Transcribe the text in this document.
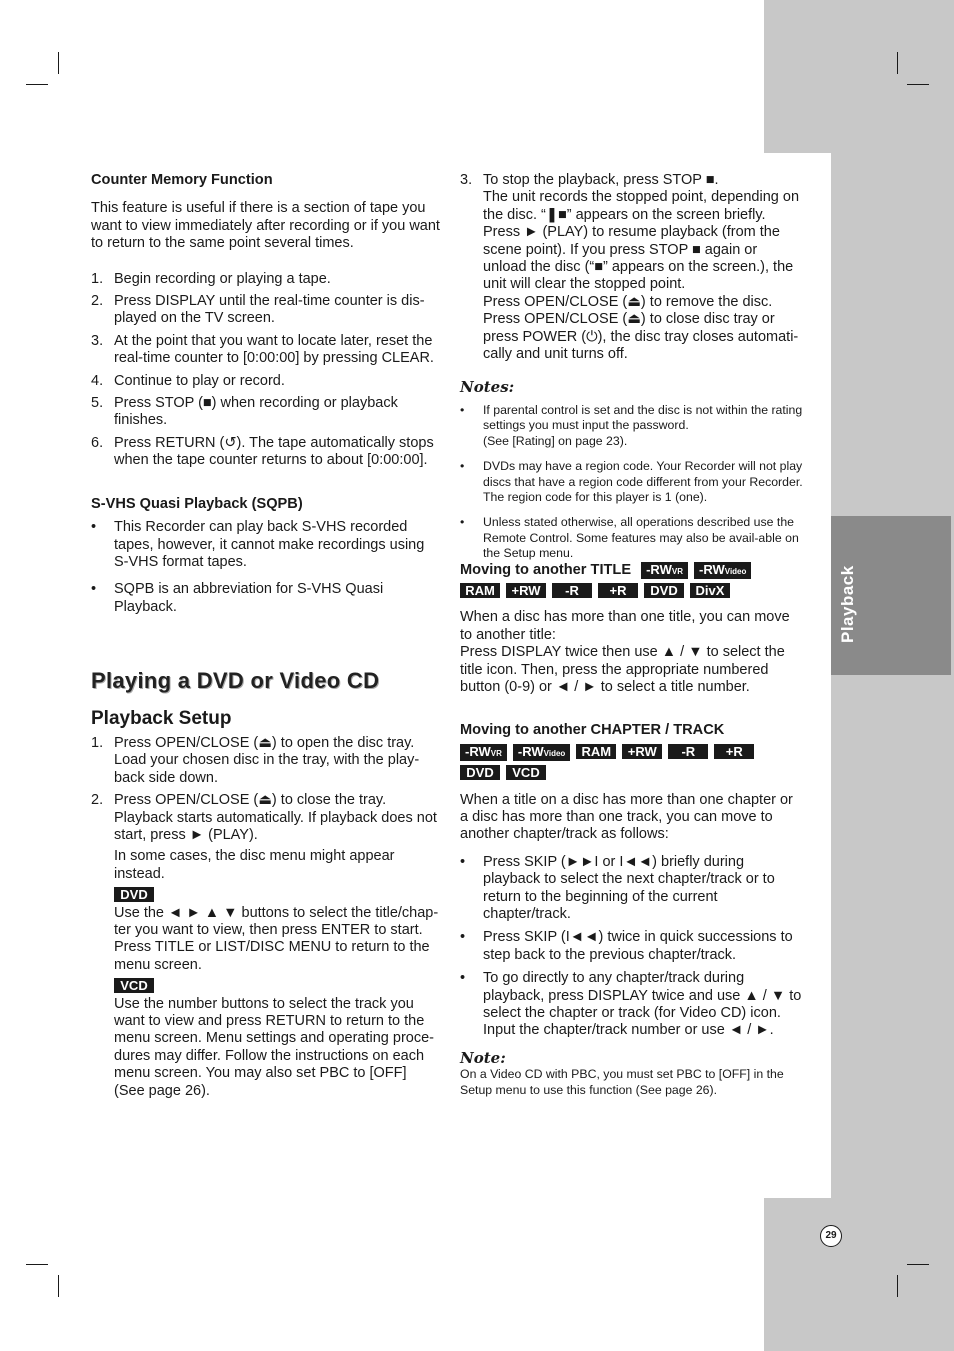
Playback
Counter Memory Function

This feature is useful if there is a section of tape you want to view immediately after recording or if you want to return to the same point several times.

1. Begin recording or playing a tape.
2. Press DISPLAY until the real-time counter is dis-played on the TV screen.
3. At the point that you want to locate later, reset the real-time counter to [0:00:00] by pressing CLEAR.
4. Continue to play or record.
5. Press STOP (■) when recording or playback finishes.
6. Press RETURN (↺). The tape automatically stops when the tape counter returns to about [0:00:00].
S-VHS Quasi Playback (SQPB)
• This Recorder can play back S-VHS recorded tapes, however, it cannot make recordings using S-VHS format tapes.
• SQPB is an abbreviation for S-VHS Quasi Playback.
Playing a DVD or Video CD
Playback Setup
1. Press OPEN/CLOSE (⏏) to open the disc tray. Load your chosen disc in the tray, with the play-back side down.
2. Press OPEN/CLOSE (⏏) to close the tray. Playback starts automatically. If playback does not start, press ► (PLAY).

In some cases, the disc menu might appear instead.

DVD

Use the ◄ ► ▲ ▼ buttons to select the title/chap-ter you want to view, then press ENTER to start. Press TITLE or LIST/DISC MENU to return to the menu screen.

VCD

Use the number buttons to select the track you want to view and press RETURN to return to the menu screen. Menu settings and operating proce-dures may differ. Follow the instructions on each menu screen. You may also set PBC to [OFF] (See page 26).

3. To stop the playback, press STOP ■.

The unit records the stopped point, depending on the disc. “❚■” appears on the screen briefly. Press ► (PLAY) to resume playback (from the scene point). If you press STOP ■ again or unload the disc (“■” appears on the screen.), the unit will clear the stopped point.

Press OPEN/CLOSE (⏏) to remove the disc. Press OPEN/CLOSE (⏏) to close disc tray or press POWER (⏻), the disc tray closes automati-cally and unit turns off.

Notes:
• If parental control is set and the disc is not within the rating settings you must input the password.
(See [Rating] on page 23).
• DVDs may have a region code. Your Recorder will not play discs that have a region code different from your Recorder. The region code for this player is 1 (one).
• Unless stated otherwise, all operations described use the Remote Control. Some features may also be avail-able on the Setup menu.
Moving to another TITLE -RWVR -RWVideo
RAM +RW -R +R DVD DivX

When a disc has more than one title, you can move to another title:

Press DISPLAY twice then use ▲ / ▼ to select the title icon. Then, press the appropriate numbered button (0-9) or ◄ / ► to select a title number.

Moving to another CHAPTER / TRACK
-RWVR -RWVideo RAM +RW -R +R
DVD VCD

When a title on a disc has more than one chapter or a disc has more than one track, you can move to another chapter/track as follows:

• Press SKIP (►►I or I◄◄) briefly during playback to select the next chapter/track or to return to the beginning of the current chapter/track.
• Press SKIP (I◄◄) twice in quick successions to step back to the previous chapter/track.
• To go directly to any chapter/track during playback, press DISPLAY twice and use ▲ / ▼ to select the chapter or track (for Video CD) icon. Input the chapter/track number or use ◄ / ►.
Note:

On a Video CD with PBC, you must set PBC to [OFF] in the Setup menu to use this function (See page 26).

29
